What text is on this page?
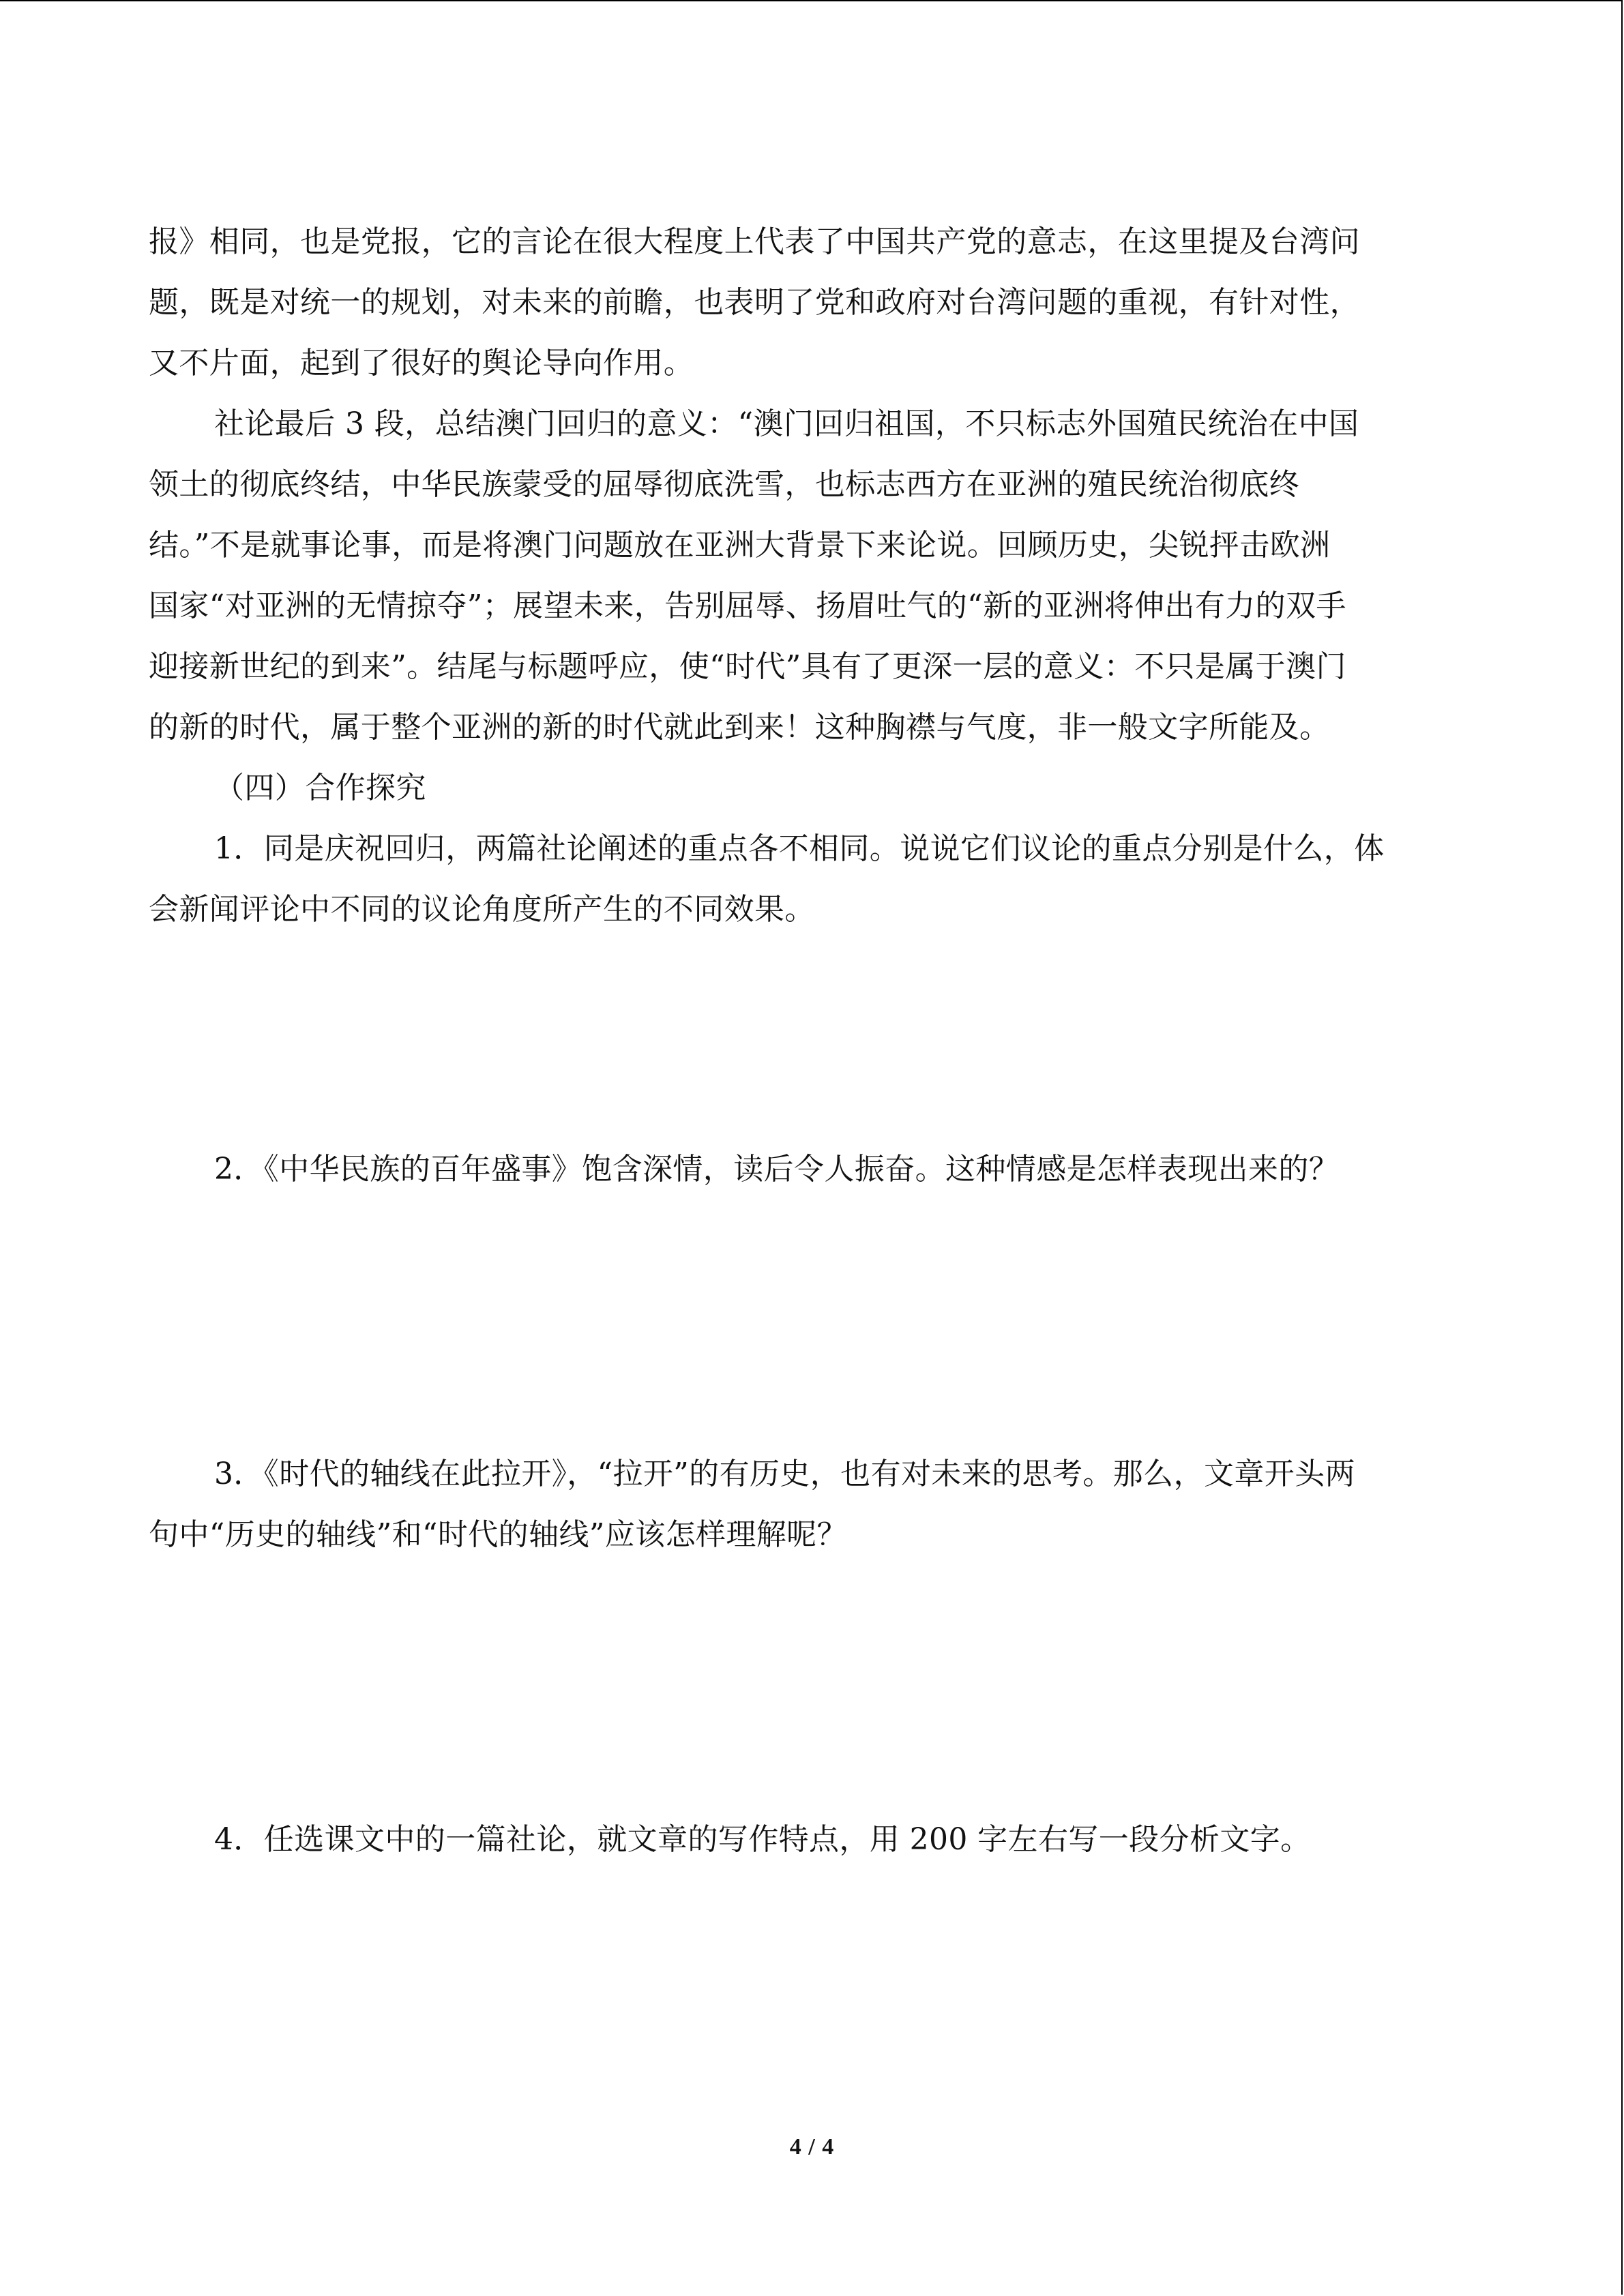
报》相同，也是党报，它的言论在很大程度上代表了中国共产党的意志，在这里提及台湾问

题，既是对统一的规划，对未来的前瞻，也表明了党和政府对台湾问题的重视，有针对性，

又不片面，起到了很好的舆论导向作用。

社论最后 3 段，总结澳门回归的意义：“澳门回归祖国，不只标志外国殖民统治在中国

领土的彻底终结，中华民族蒙受的屈辱彻底洗雪，也标志西方在亚洲的殖民统治彻底终

结。”不是就事论事，而是将澳门问题放在亚洲大背景下来论说。回顾历史，尖锐抨击欧洲

国家“对亚洲的无情掠夺”；展望未来，告别屈辱、扬眉吐气的“新的亚洲将伸出有力的双手

迎接新世纪的到来”。结尾与标题呼应，使“时代”具有了更深一层的意义：不只是属于澳门

的新的时代，属于整个亚洲的新的时代就此到来！这种胸襟与气度，非一般文字所能及。

（四）合作探究

1．同是庆祝回归，两篇社论阐述的重点各不相同。说说它们议论的重点分别是什么，体

会新闻评论中不同的议论角度所产生的不同效果。

2．《中华民族的百年盛事》饱含深情，读后令人振奋。这种情感是怎样表现出来的？

3．《时代的轴线在此拉开》，“拉开”的有历史，也有对未来的思考。那么，文章开头两

句中“历史的轴线”和“时代的轴线”应该怎样理解呢？

4．任选课文中的一篇社论，就文章的写作特点，用 200 字左右写一段分析文字。

4 / 4
